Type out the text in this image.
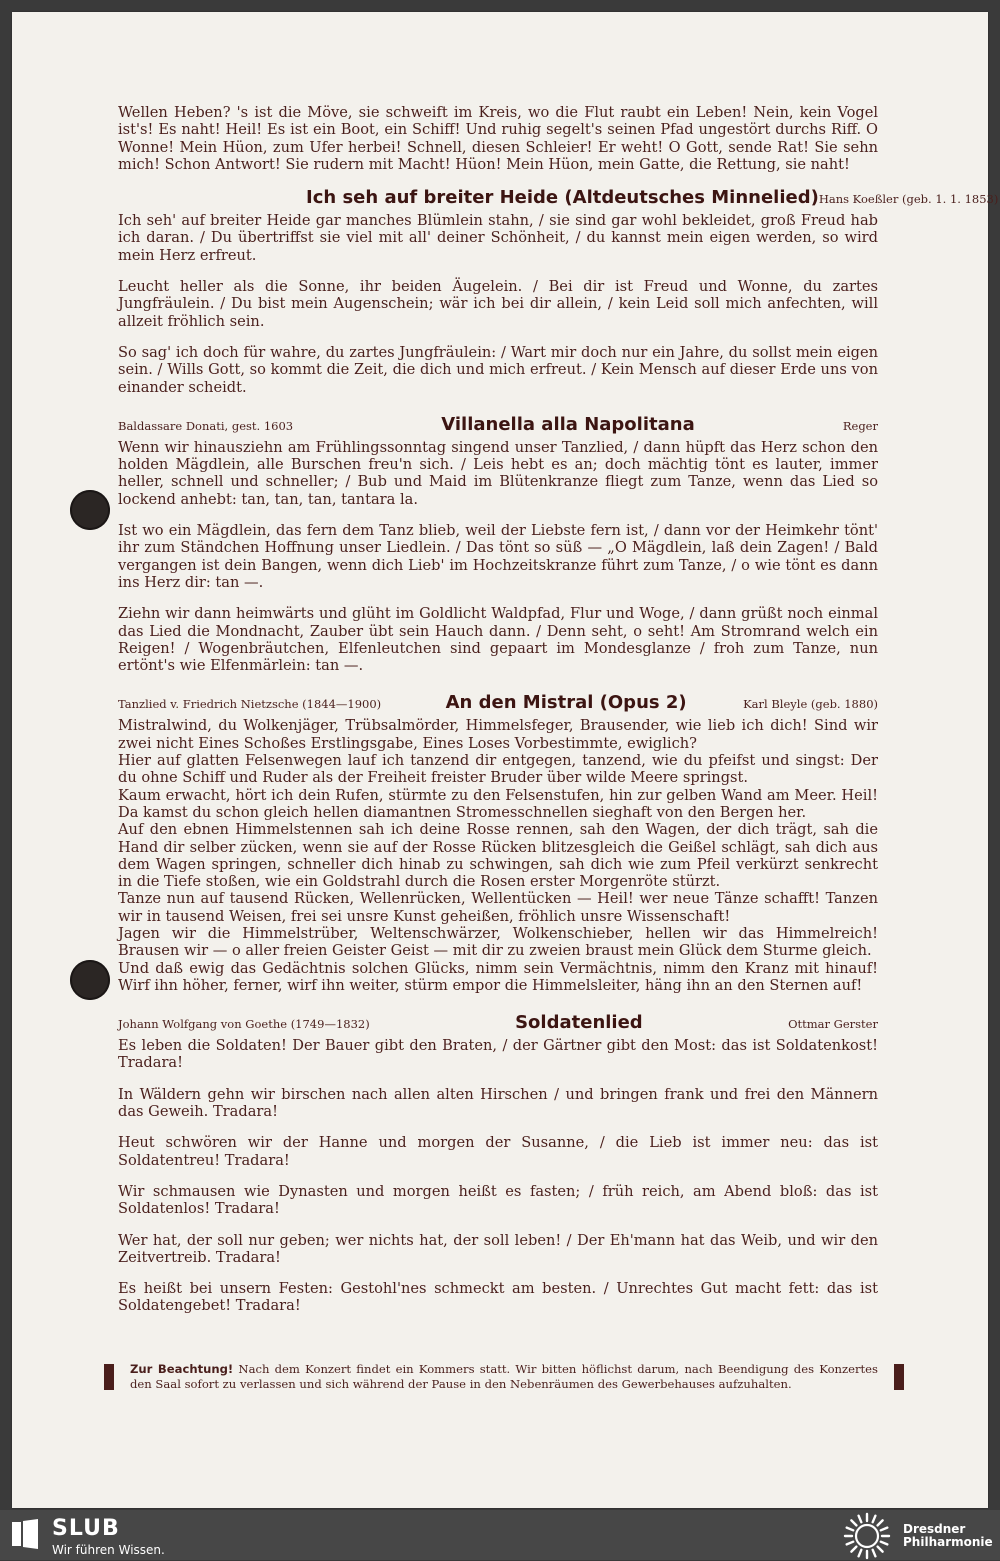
Wellen Heben? 's ist die Möve, sie schweift im Kreis, wo die Flut raubt ein Leben! Nein, kein Vogel ist's! Es naht! Heil! Es ist ein Boot, ein Schiff! Und ruhig segelt's seinen Pfad ungestört durchs Riff. O Wonne! Mein Hüon, zum Ufer herbei! Schnell, diesen Schleier! Er weht! O Gott, sende Rat! Sie sehn mich! Schon Antwort! Sie rudern mit Macht! Hüon! Mein Hüon, mein Gatte, die Rettung, sie naht!

Ich seh auf breiter Heide (Altdeutsches Minnelied) Hans Koeßler (geb. 1. 1. 1853)

Ich seh' auf breiter Heide gar manches Blümlein stahn, / sie sind gar wohl bekleidet, groß Freud hab ich daran. / Du übertriffst sie viel mit all' deiner Schönheit, / du kannst mein eigen werden, so wird mein Herz erfreut.

Leucht heller als die Sonne, ihr beiden Äugelein. / Bei dir ist Freud und Wonne, du zartes Jungfräulein. / Du bist mein Augenschein; wär ich bei dir allein, / kein Leid soll mich anfechten, will allzeit fröhlich sein.

So sag' ich doch für wahre, du zartes Jungfräulein: / Wart mir doch nur ein Jahre, du sollst mein eigen sein. / Wills Gott, so kommt die Zeit, die dich und mich erfreut. / Kein Mensch auf dieser Erde uns von einander scheidt.

Baldassare Donati, gest. 1603	Villanella alla Napolitana	Reger

Wenn wir hinausziehn am Frühlingssonntag singend unser Tanzlied, / dann hüpft das Herz schon den holden Mägdlein, alle Burschen freu'n sich. / Leis hebt es an; doch mächtig tönt es lauter, immer heller, schnell und schneller; / Bub und Maid im Blütenkranze fliegt zum Tanze, wenn das Lied so lockend anhebt: tan, tan, tan, tantara la.

Ist wo ein Mägdlein, das fern dem Tanz blieb, weil der Liebste fern ist, / dann vor der Heimkehr tönt' ihr zum Ständchen Hoffnung unser Liedlein. / Das tönt so süß — „O Mägdlein, laß dein Zagen! / Bald vergangen ist dein Bangen, wenn dich Lieb' im Hochzeitskranze führt zum Tanze, / o wie tönt es dann ins Herz dir: tan —.

Ziehn wir dann heimwärts und glüht im Goldlicht Waldpfad, Flur und Woge, / dann grüßt noch einmal das Lied die Mondnacht, Zauber übt sein Hauch dann. / Denn seht, o seht! Am Stromrand welch ein Reigen! / Wogenbräutchen, Elfenleutchen sind gepaart im Mondesglanze / froh zum Tanze, nun ertönt's wie Elfenmärlein: tan —.

Tanzlied v. Friedrich Nietzsche (1844—1900)	An den Mistral (Opus 2)	Karl Bleyle (geb. 1880)

Mistralwind, du Wolkenjäger, Trübsalmörder, Himmelsfeger, Brausender, wie lieb ich dich! Sind wir zwei nicht Eines Schoßes Erstlingsgabe, Eines Loses Vorbestimmte, ewiglich?

Hier auf glatten Felsenwegen lauf ich tanzend dir entgegen, tanzend, wie du pfeifst und singst: Der du ohne Schiff und Ruder als der Freiheit freister Bruder über wilde Meere springst.

Kaum erwacht, hört ich dein Rufen, stürmte zu den Felsenstufen, hin zur gelben Wand am Meer. Heil! Da kamst du schon gleich hellen diamantnen Stromesschnellen sieghaft von den Bergen her.

Auf den ebnen Himmelstennen sah ich deine Rosse rennen, sah den Wagen, der dich trägt, sah die Hand dir selber zücken, wenn sie auf der Rosse Rücken blitzesgleich die Geißel schlägt, sah dich aus dem Wagen springen, schneller dich hinab zu schwingen, sah dich wie zum Pfeil verkürzt senkrecht in die Tiefe stoßen, wie ein Goldstrahl durch die Rosen erster Morgenröte stürzt.

Tanze nun auf tausend Rücken, Wellenrücken, Wellentücken — Heil! wer neue Tänze schafft! Tanzen wir in tausend Weisen, frei sei unsre Kunst geheißen, fröhlich unsre Wissenschaft!

Jagen wir die Himmelstrüber, Weltenschwärzer, Wolkenschieber, hellen wir das Himmelreich! Brausen wir — o aller freien Geister Geist — mit dir zu zweien braust mein Glück dem Sturme gleich.

Und daß ewig das Gedächtnis solchen Glücks, nimm sein Vermächtnis, nimm den Kranz mit hinauf! Wirf ihn höher, ferner, wirf ihn weiter, stürm empor die Himmelsleiter, häng ihn an den Sternen auf!

Johann Wolfgang von Goethe (1749—1832)	Soldatenlied	Ottmar Gerster

Es leben die Soldaten! Der Bauer gibt den Braten, / der Gärtner gibt den Most: das ist Soldatenkost! Tradara!

In Wäldern gehn wir birschen nach allen alten Hirschen / und bringen frank und frei den Männern das Geweih. Tradara!

Heut schwören wir der Hanne und morgen der Susanne, / die Lieb ist immer neu: das ist Soldatentreu! Tradara!

Wir schmausen wie Dynasten und morgen heißt es fasten; / früh reich, am Abend bloß: das ist Soldatenlos! Tradara!

Wer hat, der soll nur geben; wer nichts hat, der soll leben! / Der Eh'mann hat das Weib, und wir den Zeitvertreib. Tradara!

Es heißt bei unsern Festen: Gestohl'nes schmeckt am besten. / Unrechtes Gut macht fett: das ist Soldatengebet! Tradara!

Zur Beachtung! Nach dem Konzert findet ein Kommers statt. Wir bitten höflichst darum, nach Beendigung des Konzertes den Saal sofort zu verlassen und sich während der Pause in den Nebenräumen des Gewerbehauses aufzuhalten.
SLUB
Wir führen Wissen.
Dresdner
Philharmonie
